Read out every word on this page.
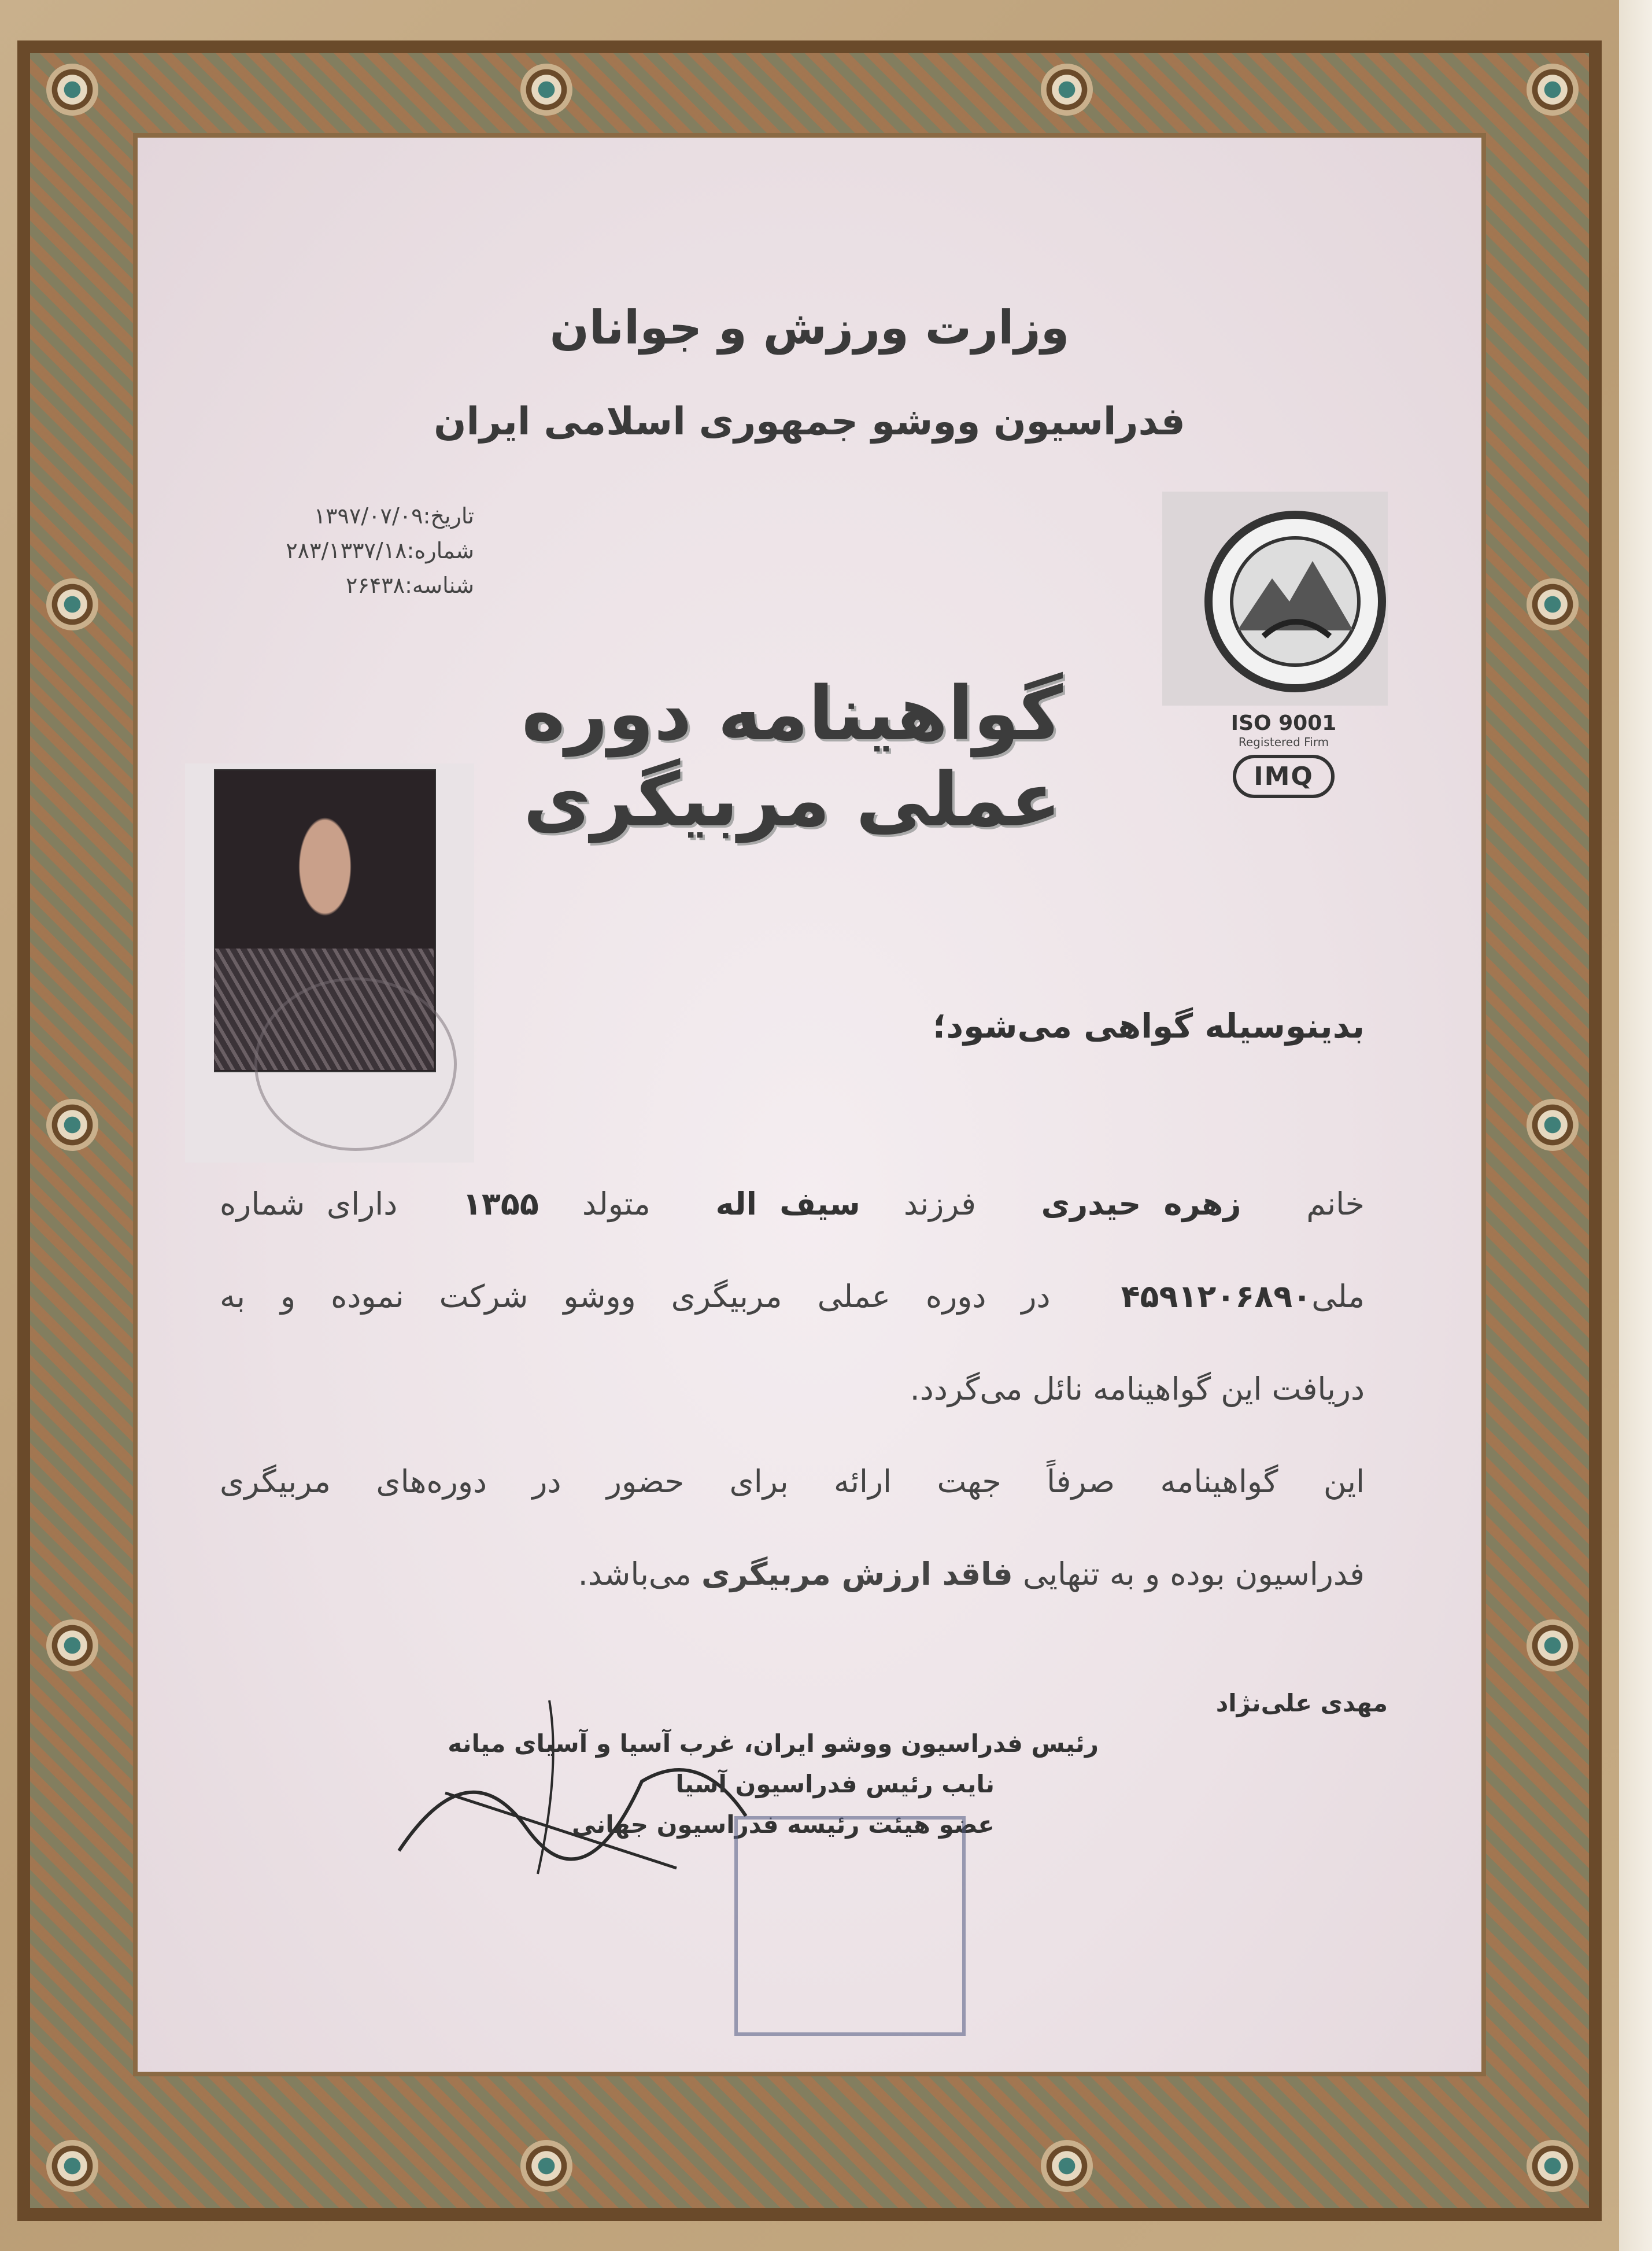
وزارت ورزش و جوانان

فدراسیون ووشو جمهوری اسلامی ایران

تاریخ:۱۳۹۷/۰۷/۰۹

شماره:۲۸۳/۱۳۳۷/۱۸

شناسه:۲۶۴۳۸

ISO 9001
Registered Firm
IMQ

گواهینامه دوره عملی مربیگری

بدینوسیله گواهی می‌شود؛

خانم   زهره حیدری   فرزند  سیف اله   متولد  ۱۳۵۵   دارای شماره

ملی۴۵۹۱۲۰۶۸۹۰  در دوره عملی مربیگری ووشو شرکت نموده و به

دریافت این گواهینامه نائل می‌گردد.

این گواهینامه صرفاً جهت ارائه برای حضور در دوره‌های مربیگری

فدراسیون بوده و به تنهایی فاقد ارزش مربیگری می‌باشد.

مهدی علی‌نژاد

رئیس فدراسیون ووشو ایران، غرب آسیا و آسیای میانه

نایب رئیس فدراسیون آسیا

عضو هیئت رئیسه فدراسیون جهانی
